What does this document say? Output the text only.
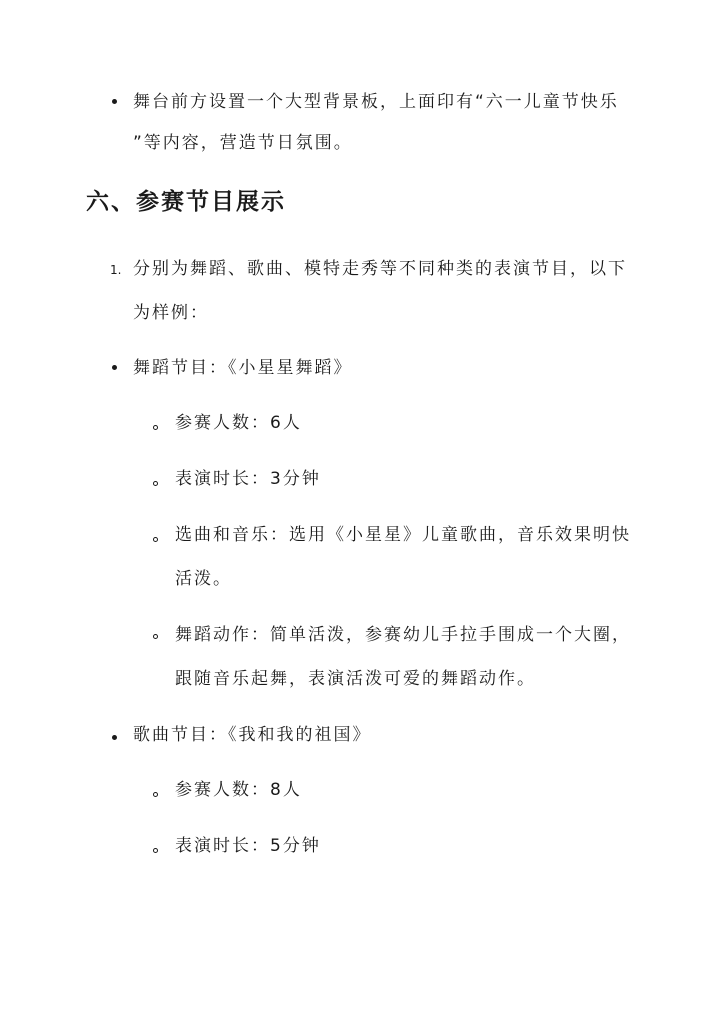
舞台前方设置一个大型背景板，上面印有“六一儿童节快乐
”等内容，营造节日氛围。
六、参赛节目展示
1. 分别为舞蹈、歌曲、模特走秀等不同种类的表演节目，以下
为样例：
舞蹈节目：《小星星舞蹈》
参赛人数：6人
表演时长：3分钟
选曲和音乐：选用《小星星》儿童歌曲，音乐效果明快
活泼。
舞蹈动作：简单活泼，参赛幼儿手拉手围成一个大圈，
跟随音乐起舞，表演活泼可爱的舞蹈动作。
歌曲节目：《我和我的祖国》
参赛人数：8人
表演时长：5分钟
